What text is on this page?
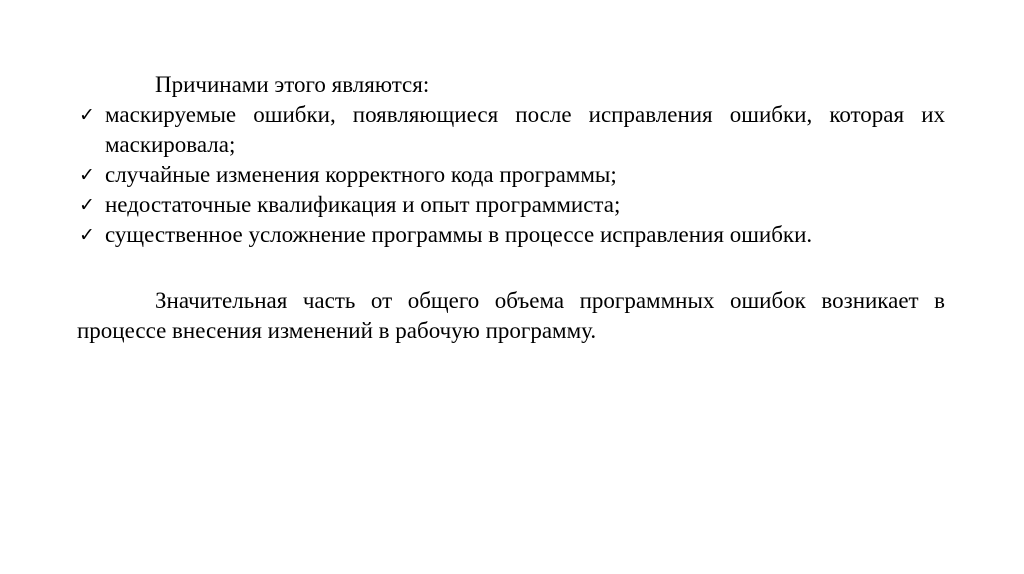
Причинами этого являются:

✓ маскируемые ошибки, появляющиеся после исправления ошибки, которая их маскировала;
✓ случайные изменения корректного кода программы;
✓ недостаточные квалификация и опыт программиста;
✓ существенное усложнение программы в процессе исправления ошибки.

Значительная часть от общего объема программных ошибок возникает в процессе внесения изменений в рабочую программу.
